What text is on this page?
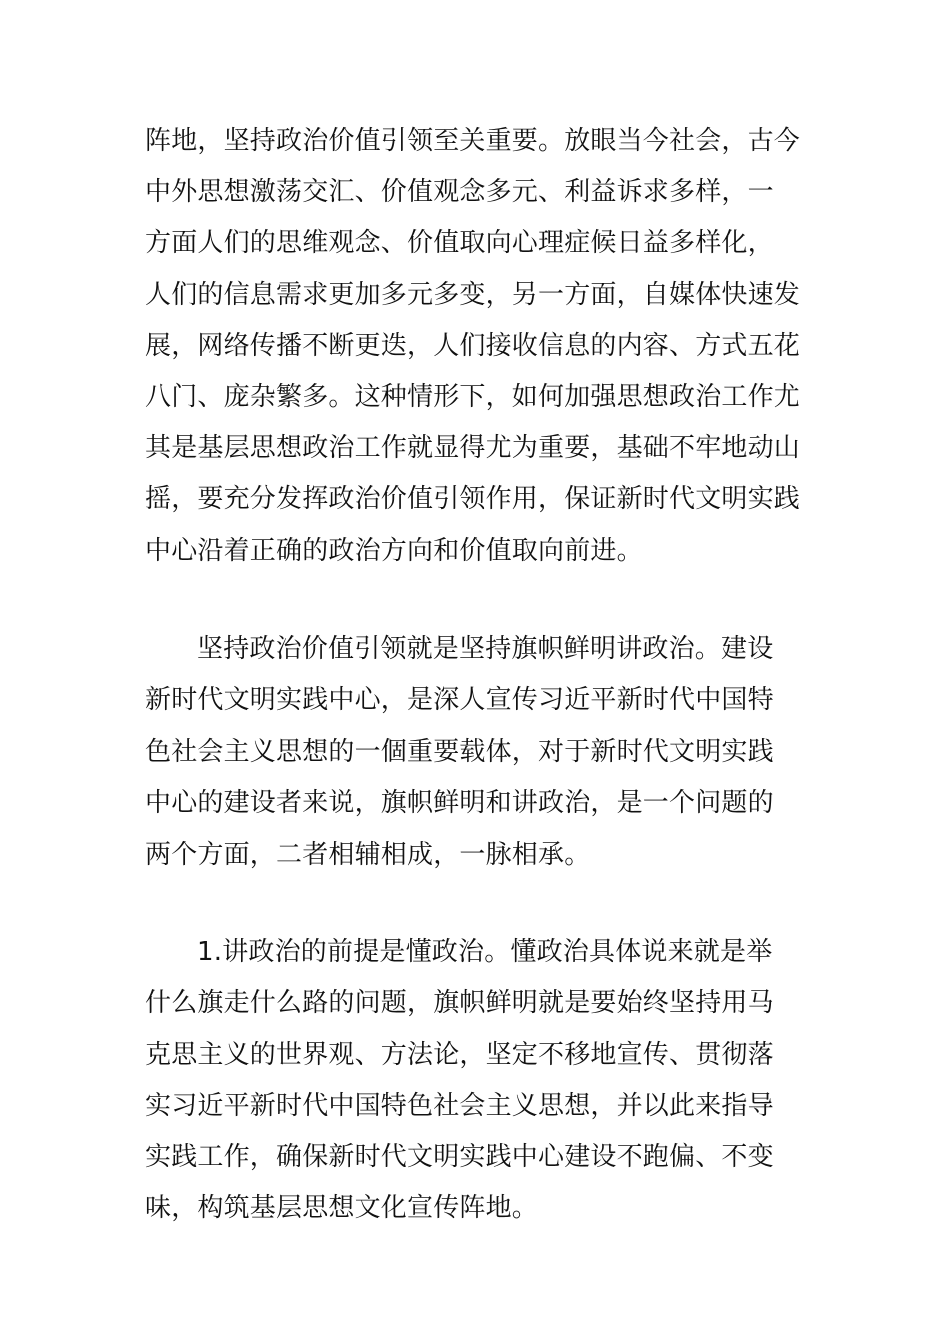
阵地，坚持政治价值引领至关重要。放眼当今社会，古今
中外思想激荡交汇、价值观念多元、利益诉求多样，一
方面人们的思维观念、价值取向心理症候日益多样化，
人们的信息需求更加多元多变，另一方面，自媒体快速发
展，网络传播不断更迭，人们接收信息的内容、方式五花
八门、庞杂繁多。这种情形下，如何加强思想政治工作尤
其是基层思想政治工作就显得尤为重要，基础不牢地动山
摇，要充分发挥政治价值引领作用，保证新时代文明实践
中心沿着正确的政治方向和价值取向前进。
坚持政治价值引领就是坚持旗帜鲜明讲政治。建设
新时代文明实践中心，是深人宣传习近平新时代中国特
色社会主义思想的一個重要载体，对于新时代文明实践
中心的建设者来说，旗帜鲜明和讲政治，是一个问题的
两个方面，二者相辅相成，一脉相承。
1.讲政治的前提是懂政治。懂政治具体说来就是举
什么旗走什么路的问题，旗帜鲜明就是要始终坚持用马
克思主义的世界观、方法论，坚定不移地宣传、贯彻落
实习近平新时代中国特色社会主义思想，并以此来指导
实践工作，确保新时代文明实践中心建设不跑偏、不变
味，构筑基层思想文化宣传阵地。
